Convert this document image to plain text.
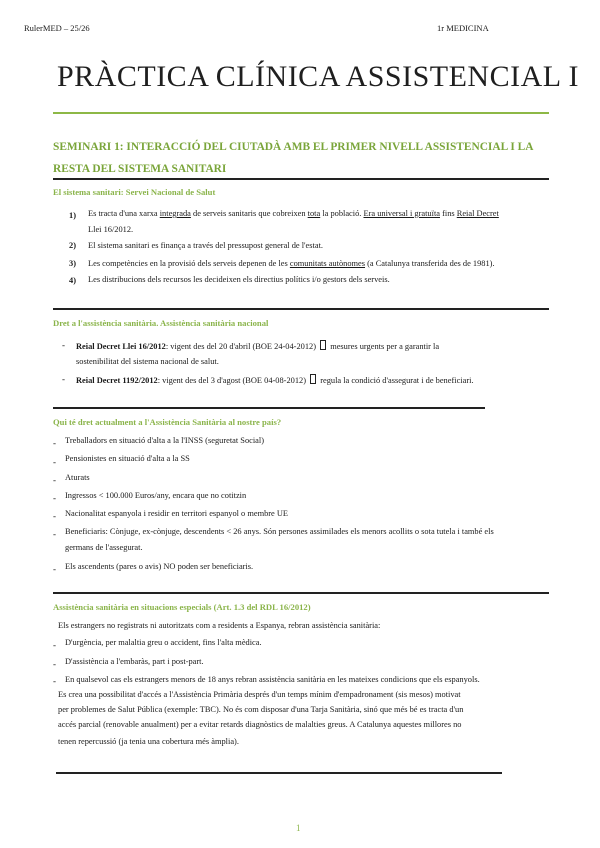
RulerMED – 25/26	1r MEDICINA
PRÀCTICA CLÍNICA ASSISTENCIAL I
SEMINARI 1: INTERACCIÓ DEL CIUTADÀ AMB EL PRIMER NIVELL ASSISTENCIAL I LA RESTA DEL SISTEMA SANITARI
El sistema sanitari: Servei Nacional de Salut
1) Es tracta d'una xarxa integrada de serveis sanitaris que cobreixen tota la població. Era universal i gratuïta fins Reial Decret
Llei 16/2012.
2) El sistema sanitari es finança a través del pressupost general de l'estat.
3) Les competències en la provisió dels serveis depenen de les comunitats autònomes (a Catalunya transferida des de 1981).
4) Les distribucions dels recursos les decideixen els directius polítics i/o gestors dels serveis.
Dret a l'assistència sanitària. Assistència sanitària nacional
- Reial Decret Llei 16/2012: vigent des del 20 d'abril (BOE 24-04-2012)  mesures urgents per a garantir la
sostenibilitat del sistema nacional de salut.
- Reial Decret 1192/2012: vigent des del 3 d'agost (BOE 04-08-2012)  regula la condició d'assegurat i de beneficiari.
Qui té dret actualment a l'Assistència Sanitària al nostre país?
- Treballadors en situació d'alta a la l'INSS (seguretat Social)
- Pensionistes en situació d'alta a la SS
- Aturats
- Ingressos < 100.000 Euros/any, encara que no cotitzin
- Nacionalitat espanyola i residir en territori espanyol o membre UE
- Beneficiaris: Cònjuge, ex-cònjuge, descendents < 26 anys. Són persones assimilades els menors acollits o sota tutela i també els
germans de l'assegurat.
- Els ascendents (pares o avis) NO poden ser beneficiaris.
Assistència sanitària en situacions especials (Art. 1.3 del RDL 16/2012)
Els estrangers no registrats ni autoritzats com a residents a Espanya, rebran assistència sanitària:
- D'urgència, per malaltia greu o accident, fins l'alta mèdica.
- D'assistència a l'embaràs, part i post-part.
- En qualsevol cas els estrangers menors de 18 anys rebran assistència sanitària en les mateixes condicions que els espanyols.
Es crea una possibilitat d'accés a l'Assistència Primària després d'un temps mínim d'empadronament (sis mesos) motivat
per problemes de Salut Pública (exemple: TBC). No és com disposar d'una Tarja Sanitària, sinó que més bé es tracta d'un
accés parcial (renovable anualment) per a evitar retards diagnòstics de malalties greus. A Catalunya aquestes millores no
tenen repercussió (ja tenia una cobertura més àmplia).
1
